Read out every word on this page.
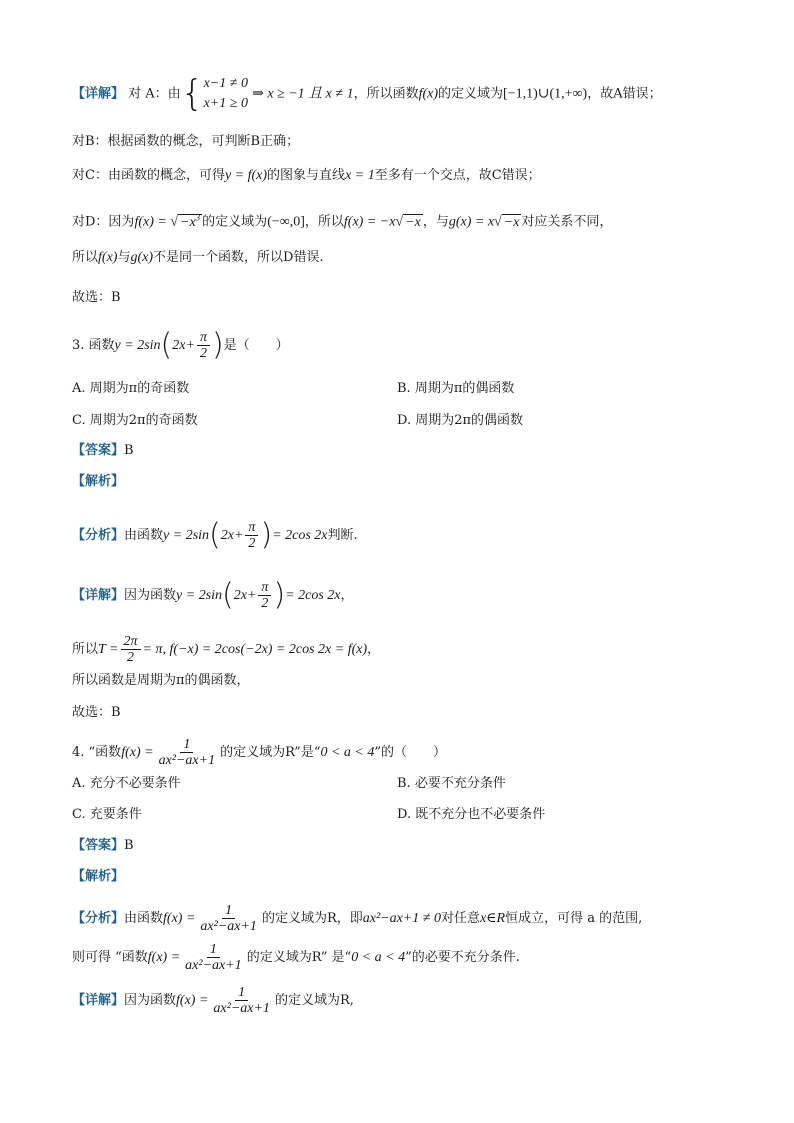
【详解】 对 A：由{ x−1 ≠ 0
x+1 ≥ 0
⇒ x ≥ −1 且 x ≠ 1，所以函数f(x)的定义域为[−1,1)∪(1,+∞)，故A错误；
对B：根据函数的概念，可判断B正确；
对C：由函数的概念，可得y = f(x)的图象与直线x = 1至多有一个交点，故C错误；
对D：因为f(x) = √ $-x^3$ 的定义域为(−∞,0]，所以f(x) = −x√ −x ，与g(x) = x√ −x 对应关系不同，
所以f(x)与g(x)不是同一个函数，所以D错误.
故选：B
3. 函数$y = 2\sin(2x+ \frac{\pi}{2}$ )是（　　）
A. 周期为π的奇函数	B. 周期为π的偶函数
C. 周期为2π的奇函数	D. 周期为2π的偶函数
【答案】B
【解析】
【分析】由函数$y = 2\sin(2x+ \frac{\pi}{2}$ )= 2cos 2x判断.
【详解】因为函数$y = 2\sin(2x+ \frac{\pi}{2}$ )= 2cos 2x，
所以$T = \frac{2\pi}{2} = \pi$, f(−x) = 2cos(−2x) = 2cos 2x = f(x)，
所以函数是周期为π的偶函数，
故选：B
4. “函数$f(x) = \frac{1}{\text{ax²−ax+1}}$ 的定义域为R”是“0 < a < 4”的（　　）
A. 充分不必要条件	B. 必要不充分条件
C. 充要条件	D. 既不充分也不必要条件
【答案】B
【解析】
【分析】由函数$f(x) = \frac{1}{\text{ax²−ax+1}}$ 的定义域为R，即ax²−ax+1 ≠ 0对任意x∈R恒成立，可得 a 的范围,
则可得 “函数$f(x) = \frac{1}{\text{ax²−ax+1}}$ 的定义域为R” 是“0 < a < 4”的必要不充分条件.
【详解】因为函数$f(x) = \frac{1}{\text{ax²−ax+1}}$ 的定义域为R,
